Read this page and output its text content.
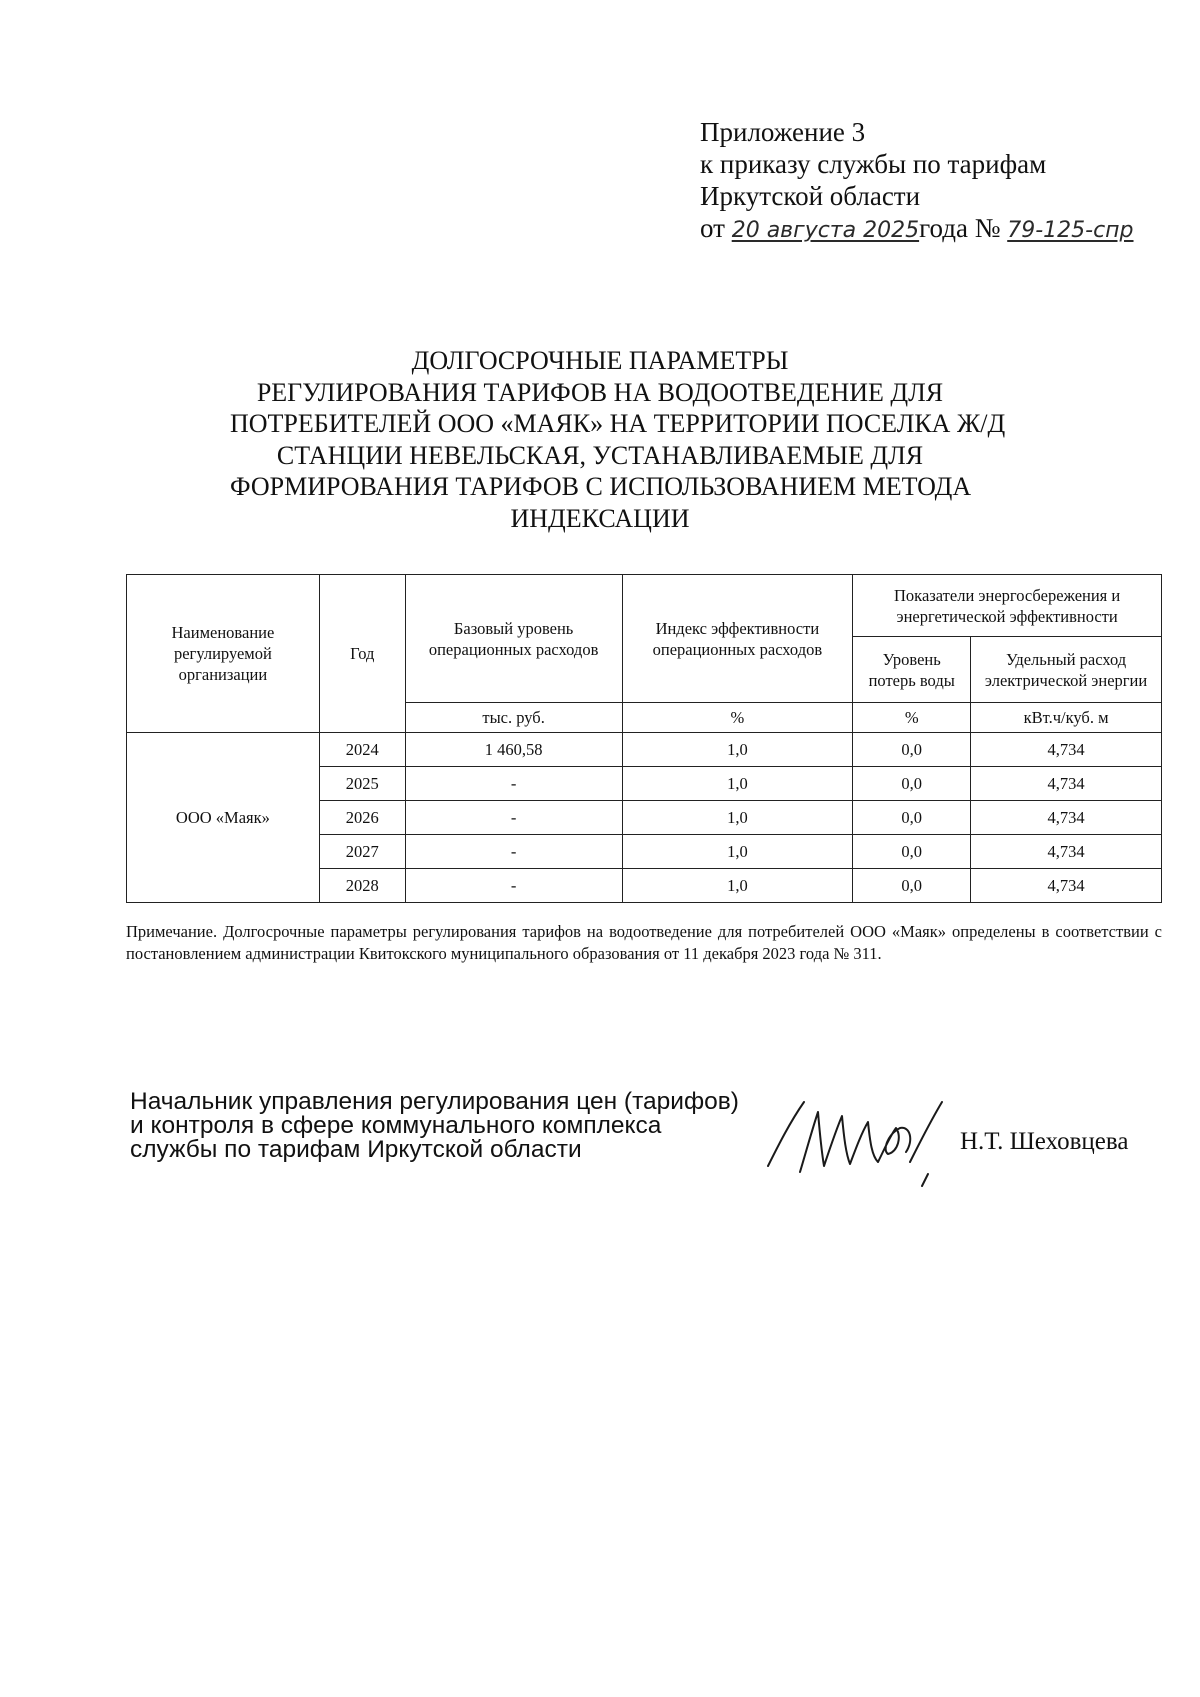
Приложение 3
к приказу службы по тарифам
Иркутской области
от 20 августа 2025года № 79-125-спр
ДОЛГОСРОЧНЫЕ ПАРАМЕТРЫ
РЕГУЛИРОВАНИЯ ТАРИФОВ НА ВОДООТВЕДЕНИЕ ДЛЯ
ПОТРЕБИТЕЛЕЙ ООО «МАЯК» НА ТЕРРИТОРИИ ПОСЕЛКА Ж/Д
СТАНЦИИ НЕВЕЛЬСКАЯ, УСТАНАВЛИВАЕМЫЕ ДЛЯ
ФОРМИРОВАНИЯ ТАРИФОВ С ИСПОЛЬЗОВАНИЕМ МЕТОДА
ИНДЕКСАЦИИ
Наименование регулируемой организации	Год	Базовый уровень операционных расходов	Индекс эффективности операционных расходов	Показатели энергосбережения и энергетической эффективности	
				Уровень потерь воды	Удельный расход электрической энергии
		тыс. руб.	%	%	кВт.ч/куб. м
ООО «Маяк»	2024	1 460,58	1,0	0,0	4,734
	2025	-	1,0	0,0	4,734
	2026	-	1,0	0,0	4,734
	2027	-	1,0	0,0	4,734
	2028	-	1,0	0,0	4,734
Примечание. Долгосрочные параметры регулирования тарифов на водоотведение для потребителей ООО «Маяк» определены в соответствии с постановлением администрации Квитокского муниципального образования от 11 декабря 2023 года № 311.
Начальник управления регулирования цен (тарифов)
и контроля в сфере коммунального комплекса
службы по тарифам Иркутской области	Н.Т. Шеховцева
